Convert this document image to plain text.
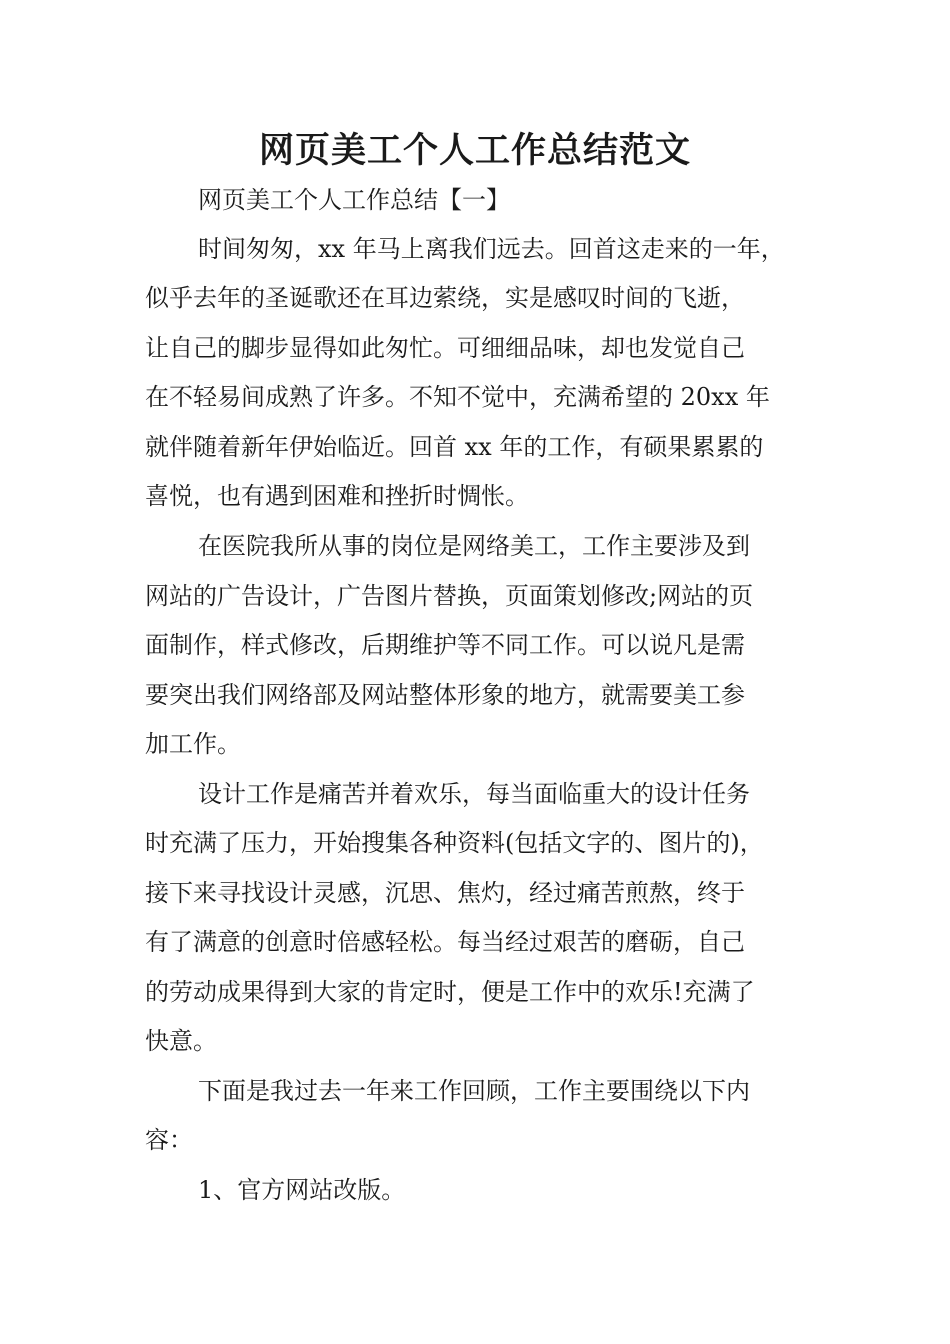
网页美工个人工作总结范文
网页美工个人工作总结【一】
时间匆匆，xx 年马上离我们远去。回首这走来的一年，
似乎去年的圣诞歌还在耳边萦绕，实是感叹时间的飞逝，
让自己的脚步显得如此匆忙。可细细品味，却也发觉自己
在不轻易间成熟了许多。不知不觉中，充满希望的 20xx 年
就伴随着新年伊始临近。回首 xx 年的工作，有硕果累累的
喜悦，也有遇到困难和挫折时惆怅。
在医院我所从事的岗位是网络美工，工作主要涉及到
网站的广告设计，广告图片替换，页面策划修改;网站的页
面制作，样式修改，后期维护等不同工作。可以说凡是需
要突出我们网络部及网站整体形象的地方，就需要美工参
加工作。
设计工作是痛苦并着欢乐，每当面临重大的设计任务
时充满了压力，开始搜集各种资料(包括文字的、图片的)，
接下来寻找设计灵感，沉思、焦灼，经过痛苦煎熬，终于
有了满意的创意时倍感轻松。每当经过艰苦的磨砺，自己
的劳动成果得到大家的肯定时，便是工作中的欢乐!充满了
快意。
下面是我过去一年来工作回顾，工作主要围绕以下内
容：
1、官方网站改版。
